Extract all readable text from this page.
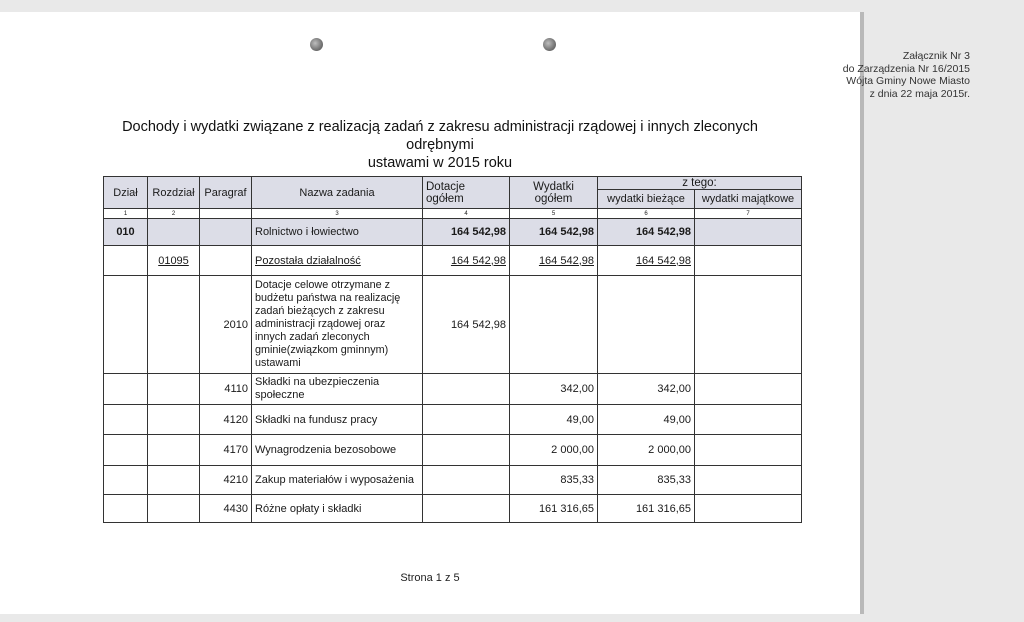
Załącznik Nr 3
do Zarządzenia Nr 16/2015
Wójta Gminy Nowe Miasto
z dnia 22 maja 2015r.
Dochody i wydatki związane z realizacją zadań z zakresu administracji rządowej i innych zleconych odrębnymi
ustawami w 2015 roku
Dział	Rozdział	Paragraf	Nazwa zadania	Dotacje ogółem	Wydatki ogółem	z tego:	
						wydatki bieżące	wydatki majątkowe
1	2		3	4	5	6	7
010			Rolnictwo i łowiectwo	164 542,98	164 542,98	164 542,98	
	01095		Pozostała działalność	164 542,98	164 542,98	164 542,98	
		2010	Dotacje celowe otrzymane z budżetu państwa na realizację zadań bieżących z zakresu administracji rządowej oraz innych zadań zleconych gminie(związkom gminnym) ustawami	164 542,98			
		4110	Składki na ubezpieczenia społeczne		342,00	342,00	
		4120	Składki na fundusz pracy		49,00	49,00	
		4170	Wynagrodzenia bezosobowe		2 000,00	2 000,00	
		4210	Zakup materiałów i wyposażenia		835,33	835,33	
		4430	Różne opłaty i składki		161 316,65	161 316,65	
Strona 1 z 5
